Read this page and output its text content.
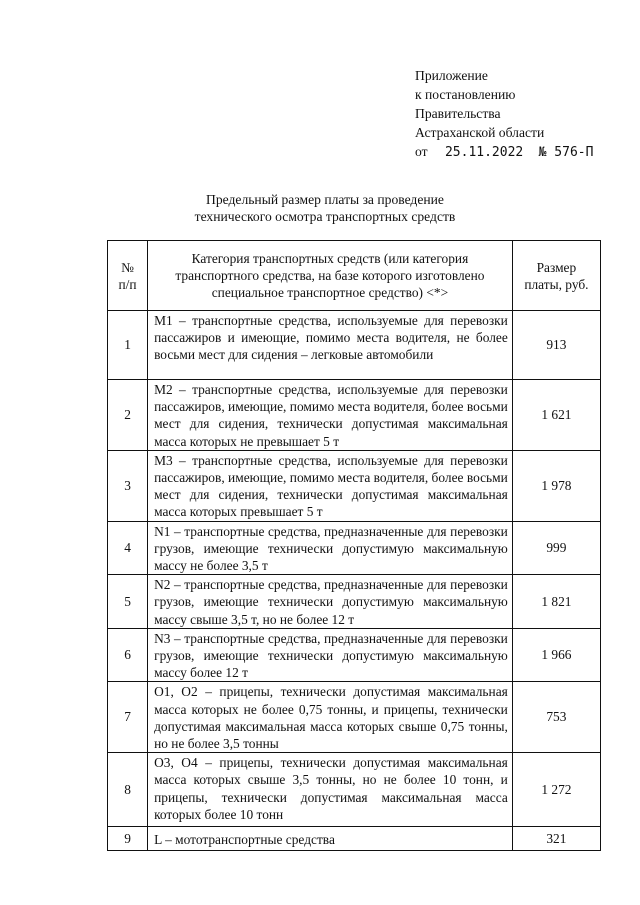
Приложение
к постановлению
Правительства
Астраханской области
от 25.11.2022 № 576-П
Предельный размер платы за проведение
технического осмотра транспортных средств
№
п/п	Категория транспортных средств (или категория транспортного средства, на базе которого изготовлено специальное транспортное средство) <*>	Размер платы, руб.
1	М1 – транспортные средства, используемые для перевозки пассажиров и имеющие, помимо места водителя, не более восьми мест для сидения – легковые автомобили	913
2	М2 – транспортные средства, используемые для перевозки пассажиров, имеющие, помимо места водителя, более восьми мест для сидения, технически допустимая максимальная масса которых не превышает 5 т	1 621
3	М3 – транспортные средства, используемые для перевозки пассажиров, имеющие, помимо места водителя, более восьми мест для сидения, технически допустимая максимальная масса которых превышает 5 т	1 978
4	N1 – транспортные средства, предназначенные для перевозки грузов, имеющие технически допустимую максимальную массу не более 3,5 т	999
5	N2 – транспортные средства, предназначенные для перевозки грузов, имеющие технически допустимую максимальную массу свыше 3,5 т, но не более 12 т	1 821
6	N3 – транспортные средства, предназначенные для перевозки грузов, имеющие технически допустимую максимальную массу более 12 т	1 966
7	О1, О2 – прицепы, технически допустимая максимальная масса которых не более 0,75 тонны, и прицепы, технически допустимая максимальная масса которых свыше 0,75 тонны, но не более 3,5 тонны	753
8	О3, О4 – прицепы, технически допустимая максимальная масса которых свыше 3,5 тонны, но не более 10 тонн, и прицепы, технически допустимая максимальная масса которых более 10 тонн	1 272
9	L – мототранспортные средства	321
